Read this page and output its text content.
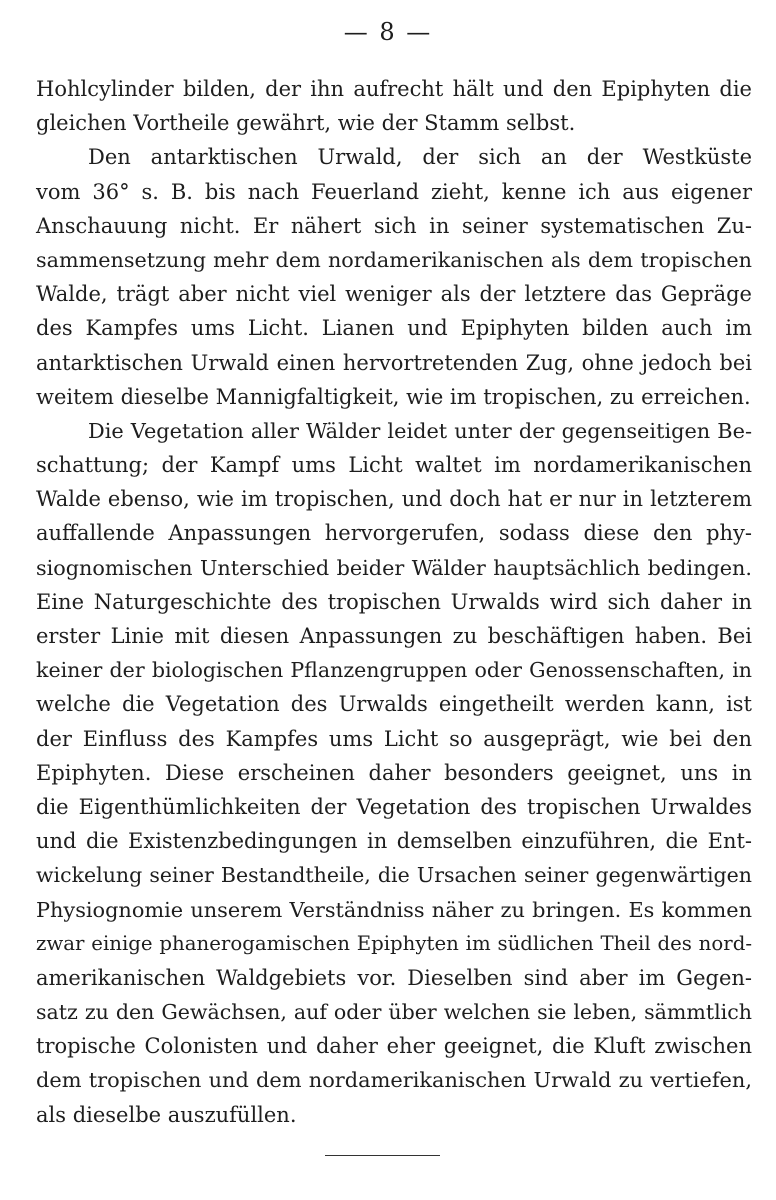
— 8 —
Hohlcylinder bilden, der ihn aufrecht hält und den Epiphyten die
gleichen Vortheile gewährt, wie der Stamm selbst.
Den antarktischen Urwald, der sich an der Westküste
vom 36° s. B. bis nach Feuerland zieht, kenne ich aus eigener
Anschauung nicht. Er nähert sich in seiner systematischen Zu-
sammensetzung mehr dem nordamerikanischen als dem tropischen
Walde, trägt aber nicht viel weniger als der letztere das Gepräge
des Kampfes ums Licht. Lianen und Epiphyten bilden auch im
antarktischen Urwald einen hervortretenden Zug, ohne jedoch bei
weitem dieselbe Mannigfaltigkeit, wie im tropischen, zu erreichen.
Die Vegetation aller Wälder leidet unter der gegenseitigen Be-
schattung; der Kampf ums Licht waltet im nordamerikanischen
Walde ebenso, wie im tropischen, und doch hat er nur in letzterem
auffallende Anpassungen hervorgerufen, sodass diese den phy-
siognomischen Unterschied beider Wälder hauptsächlich bedingen.
Eine Naturgeschichte des tropischen Urwalds wird sich daher in
erster Linie mit diesen Anpassungen zu beschäftigen haben. Bei
keiner der biologischen Pflanzengruppen oder Genossenschaften, in
welche die Vegetation des Urwalds eingetheilt werden kann, ist
der Einfluss des Kampfes ums Licht so ausgeprägt, wie bei den
Epiphyten. Diese erscheinen daher besonders geeignet, uns in
die Eigenthümlichkeiten der Vegetation des tropischen Urwaldes
und die Existenzbedingungen in demselben einzuführen, die Ent-
wickelung seiner Bestandtheile, die Ursachen seiner gegenwärtigen
Physiognomie unserem Verständniss näher zu bringen. Es kommen
zwar einige phanerogamischen Epiphyten im südlichen Theil des nord-
amerikanischen Waldgebiets vor. Dieselben sind aber im Gegen-
satz zu den Gewächsen, auf oder über welchen sie leben, sämmtlich
tropische Colonisten und daher eher geeignet, die Kluft zwischen
dem tropischen und dem nordamerikanischen Urwald zu vertiefen,
als dieselbe auszufüllen.
